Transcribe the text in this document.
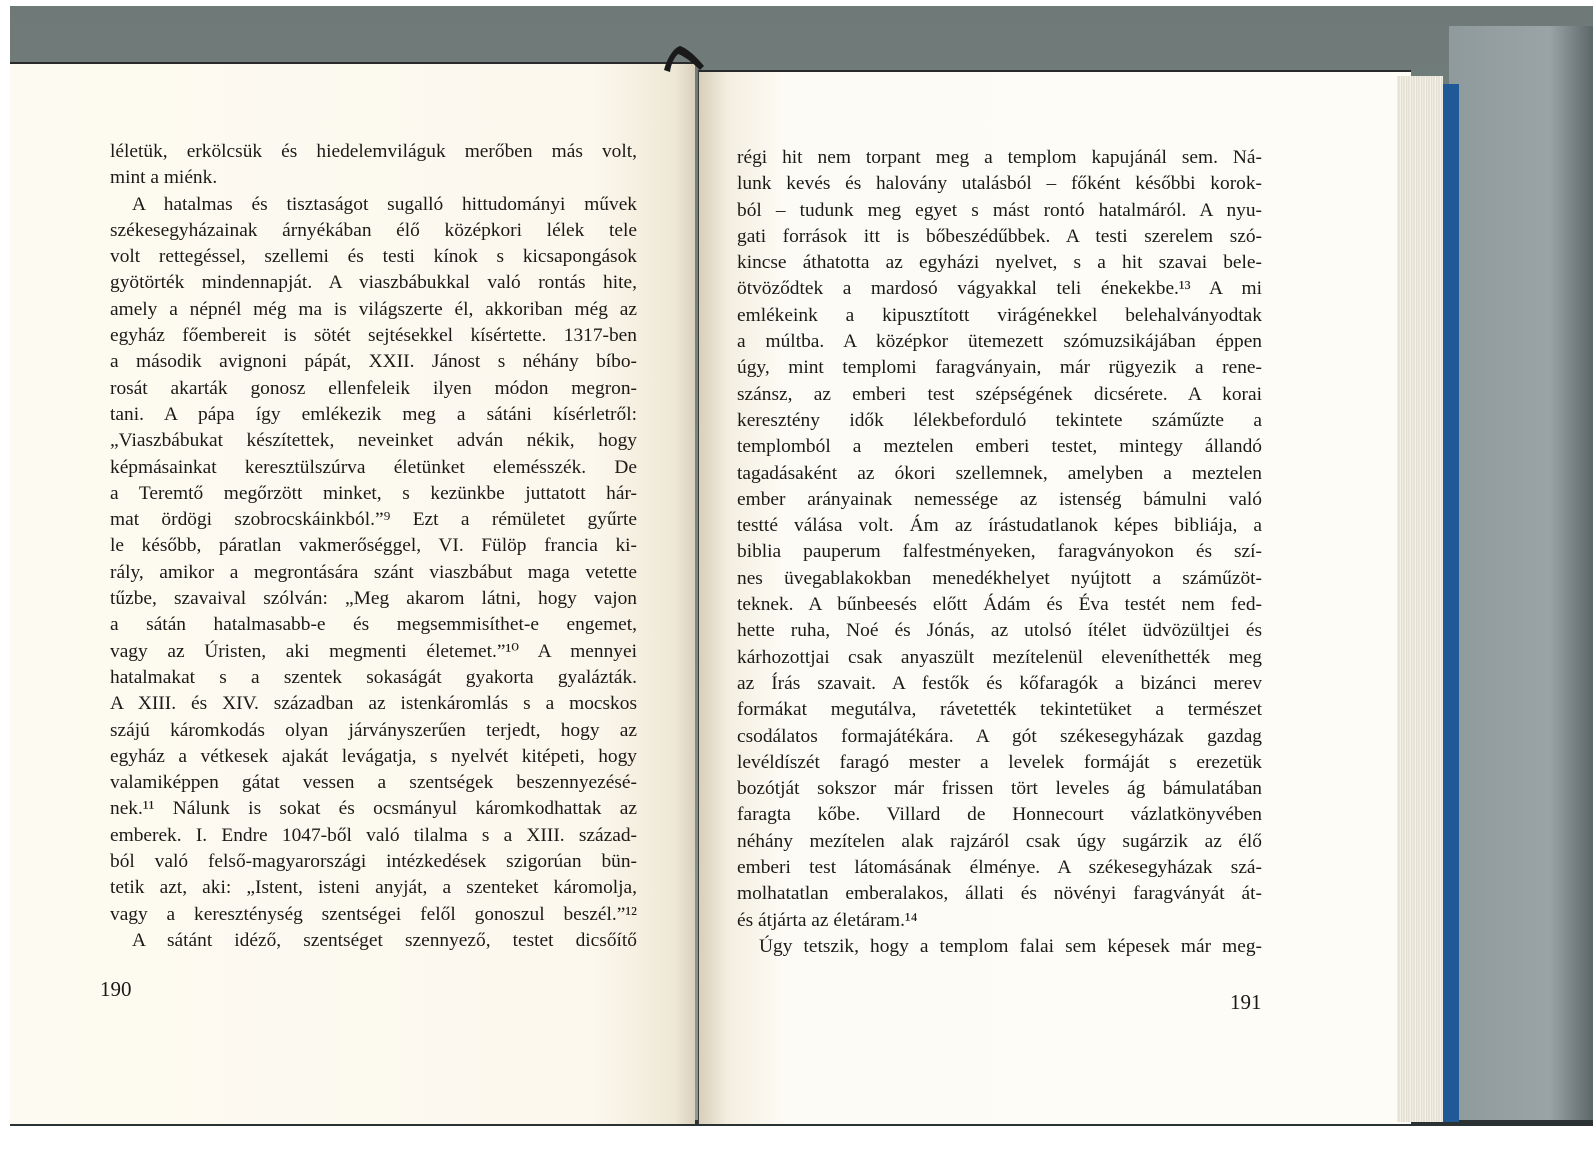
léletük, erkölcsük és hiedelemviláguk merőben más volt,
mint a miénk.
A hatalmas és tisztaságot sugalló hittudományi művek
székesegyházainak árnyékában élő középkori lélek tele
volt rettegéssel, szellemi és testi kínok s kicsapongások
gyötörték mindennapját. A viaszbábukkal való rontás hite,
amely a népnél még ma is világszerte él, akkoriban még az
egyház főembereit is sötét sejtésekkel kísértette. 1317-ben
a második avignoni pápát, XXII. Jánost s néhány bíbo-
rosát akarták gonosz ellenfeleik ilyen módon megron-
tani. A pápa így emlékezik meg a sátáni kísérletről:
„Viaszbábukat készítettek, neveinket adván nékik, hogy
képmásainkat keresztülszúrva életünket elemésszék. De
a Teremtő megőrzött minket, s kezünkbe juttatott hár-
mat ördögi szobrocskáinkból.”⁹ Ezt a rémületet gyűrte
le később, páratlan vakmerőséggel, VI. Fülöp francia ki-
rály, amikor a megrontására szánt viaszbábut maga vetette
tűzbe, szavaival szólván: „Meg akarom látni, hogy vajon
a sátán hatalmasabb-e és megsemmisíthet-e engemet,
vagy az Úristen, aki megmenti életemet.”¹⁰ A mennyei
hatalmakat s a szentek sokaságát gyakorta gyalázták.
A XIII. és XIV. században az istenkáromlás s a mocskos
szájú káromkodás olyan járványszerűen terjedt, hogy az
egyház a vétkesek ajakát levágatja, s nyelvét kitépeti, hogy
valamiképpen gátat vessen a szentségek beszennyezésé-
nek.¹¹ Nálunk is sokat és ocsmányul káromkodhattak az
emberek. I. Endre 1047-ből való tilalma s a XIII. század-
ból való felső-magyarországi intézkedések szigorúan bün-
tetik azt, aki: „Istent, isteni anyját, a szenteket káromolja,
vagy a kereszténység szentségei felől gonoszul beszél.”¹²
A sátánt idéző, szentséget szennyező, testet dicsőítő
190
régi hit nem torpant meg a templom kapujánál sem. Ná-
lunk kevés és halovány utalásból – főként későbbi korok-
ból – tudunk meg egyet s mást rontó hatalmáról. A nyu-
gati források itt is bőbeszédűbbek. A testi szerelem szó-
kincse áthatotta az egyházi nyelvet, s a hit szavai bele-
ötvöződtek a mardosó vágyakkal teli énekekbe.¹³ A mi
emlékeink a kipusztított virágénekkel belehalványodtak
a múltba. A középkor ütemezett szómuzsikájában éppen
úgy, mint templomi faragványain, már rügyezik a rene-
szánsz, az emberi test szépségének dicsérete. A korai
keresztény idők lélekbeforduló tekintete száműzte a
templomból a meztelen emberi testet, mintegy állandó
tagadásaként az ókori szellemnek, amelyben a meztelen
ember arányainak nemessége az istenség bámulni való
testté válása volt. Ám az írástudatlanok képes bibliája, a
biblia pauperum falfestményeken, faragványokon és szí-
nes üvegablakokban menedékhelyet nyújtott a száműzöt-
teknek. A bűnbeesés előtt Ádám és Éva testét nem fed-
hette ruha, Noé és Jónás, az utolsó ítélet üdvözültjei és
kárhozottjai csak anyaszült mezítelenül eleveníthették meg
az Írás szavait. A festők és kőfaragók a bizánci merev
formákat megutálva, rávetették tekintetüket a természet
csodálatos formajátékára. A gót székesegyházak gazdag
levéldíszét faragó mester a levelek formáját s erezetük
bozótját sokszor már frissen tört leveles ág bámulatában
faragta kőbe. Villard de Honnecourt vázlatkönyvében
néhány mezítelen alak rajzáról csak úgy sugárzik az élő
emberi test látomásának élménye. A székesegyházak szá-
molhatatlan emberalakos, állati és növényi faragványát át-
és átjárta az életáram.¹⁴
Úgy tetszik, hogy a templom falai sem képesek már meg-
191
